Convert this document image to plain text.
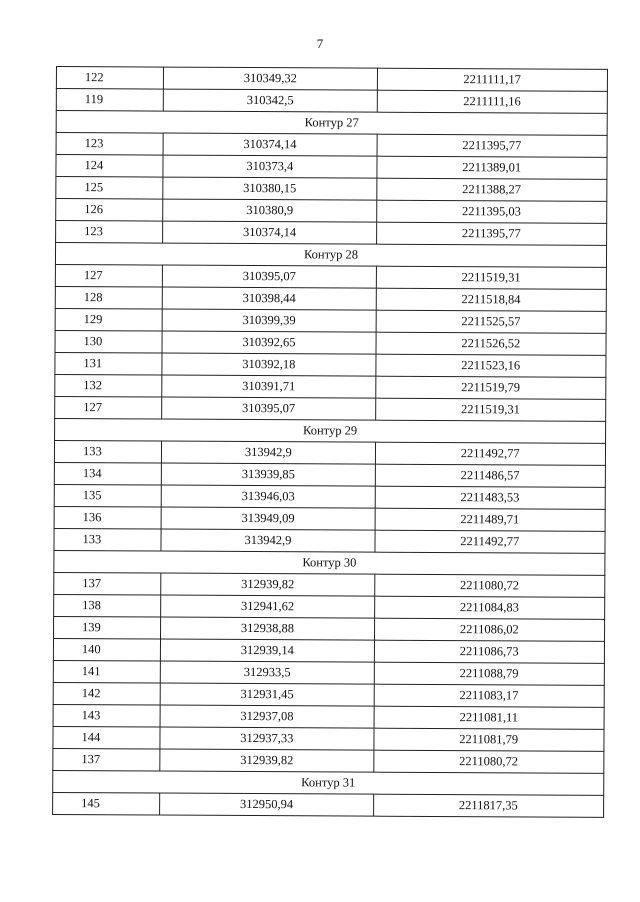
7
122	310349,32	2211111,17
119	310342,5	2211111,16
Контур 27		
123	310374,14	2211395,77
124	310373,4	2211389,01
125	310380,15	2211388,27
126	310380,9	2211395,03
123	310374,14	2211395,77
Контур 28		
127	310395,07	2211519,31
128	310398,44	2211518,84
129	310399,39	2211525,57
130	310392,65	2211526,52
131	310392,18	2211523,16
132	310391,71	2211519,79
127	310395,07	2211519,31
Контур 29		
133	313942,9	2211492,77
134	313939,85	2211486,57
135	313946,03	2211483,53
136	313949,09	2211489,71
133	313942,9	2211492,77
Контур 30		
137	312939,82	2211080,72
138	312941,62	2211084,83
139	312938,88	2211086,02
140	312939,14	2211086,73
141	312933,5	2211088,79
142	312931,45	2211083,17
143	312937,08	2211081,11
144	312937,33	2211081,79
137	312939,82	2211080,72
Контур 31		
145	312950,94	2211817,35
